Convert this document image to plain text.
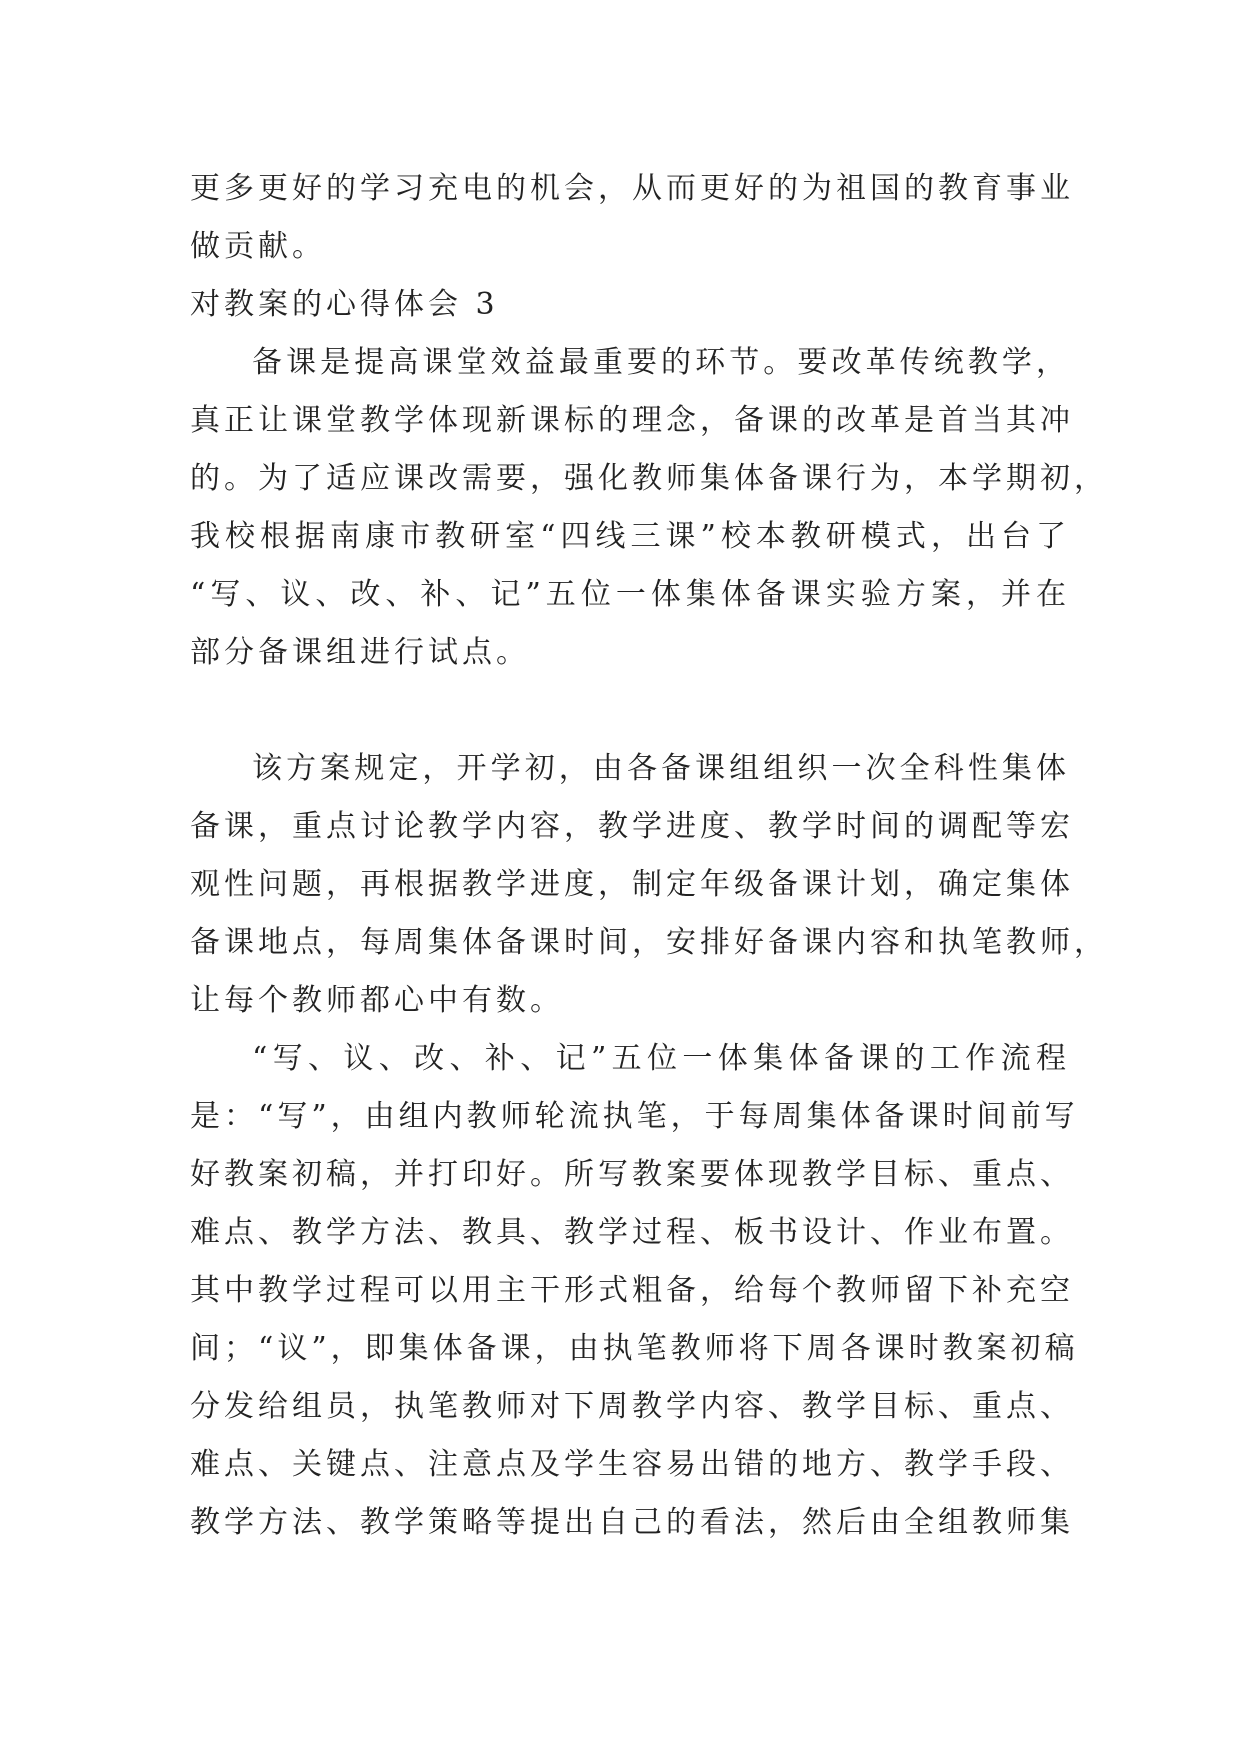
更多更好的学习充电的机会，从而更好的为祖国的教育事业
做贡献。
对教案的心得体会 3
备课是提高课堂效益最重要的环节。要改革传统教学，
真正让课堂教学体现新课标的理念，备课的改革是首当其冲
的。为了适应课改需要，强化教师集体备课行为，本学期初，
我校根据南康市教研室“四线三课”校本教研模式，出台了
“写、议、改、补、记”五位一体集体备课实验方案，并在
部分备课组进行试点。
该方案规定，开学初，由各备课组组织一次全科性集体
备课，重点讨论教学内容，教学进度、教学时间的调配等宏
观性问题，再根据教学进度，制定年级备课计划，确定集体
备课地点，每周集体备课时间，安排好备课内容和执笔教师，
让每个教师都心中有数。
“写、议、改、补、记”五位一体集体备课的工作流程
是：“写”，由组内教师轮流执笔，于每周集体备课时间前写
好教案初稿，并打印好。所写教案要体现教学目标、重点、
难点、教学方法、教具、教学过程、板书设计、作业布置。
其中教学过程可以用主干形式粗备，给每个教师留下补充空
间；“议”，即集体备课，由执笔教师将下周各课时教案初稿
分发给组员，执笔教师对下周教学内容、教学目标、重点、
难点、关键点、注意点及学生容易出错的地方、教学手段、
教学方法、教学策略等提出自己的看法，然后由全组教师集
